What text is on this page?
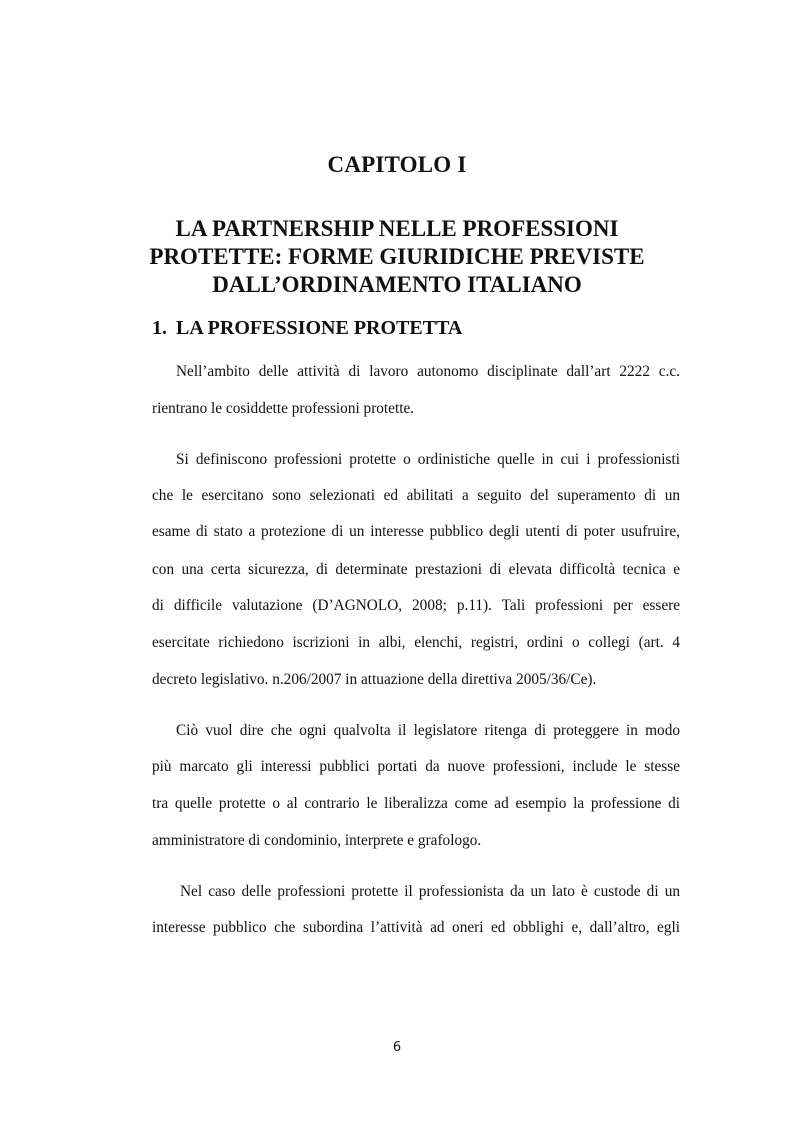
CAPITOLO I
LA PARTNERSHIP NELLE PROFESSIONI
PROTETTE: FORME GIURIDICHE PREVISTE
DALL’ORDINAMENTO ITALIANO
1. LA PROFESSIONE PROTETTA
Nell’ambito delle attività di lavoro autonomo disciplinate dall’art 2222 c.c.
rientrano le cosiddette professioni protette.
Si definiscono professioni protette o ordinistiche quelle in cui i professionisti
che le esercitano sono selezionati ed abilitati a seguito del superamento di un
esame di stato a protezione di un interesse pubblico degli utenti di poter usufruire,
con una certa sicurezza, di determinate prestazioni di elevata difficoltà tecnica e
di difficile valutazione (D’AGNOLO, 2008; p.11). Tali professioni per essere
esercitate richiedono iscrizioni in albi, elenchi, registri, ordini o collegi (art. 4
decreto legislativo. n.206/2007 in attuazione della direttiva 2005/36/Ce).
Ciò vuol dire che ogni qualvolta il legislatore ritenga di proteggere in modo
più marcato gli interessi pubblici portati da nuove professioni, include le stesse
tra quelle protette o al contrario le liberalizza come ad esempio la professione di
amministratore di condominio, interprete e grafologo.
Nel caso delle professioni protette il professionista da un lato è custode di un
interesse pubblico che subordina l’attività ad oneri ed obblighi e, dall’altro, egli
6
